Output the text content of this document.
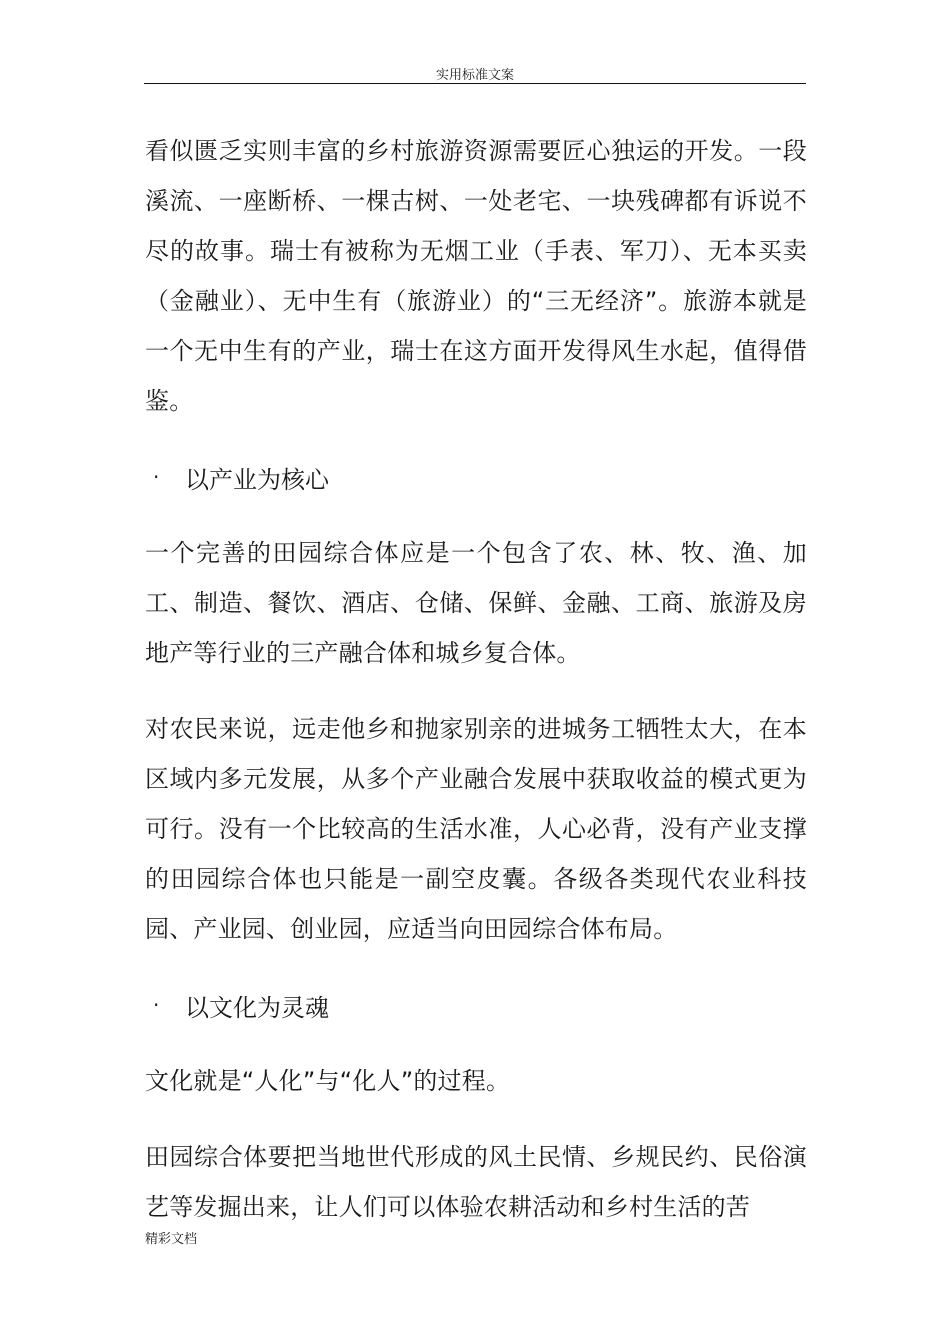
实用标准文案

看似匮乏实则丰富的乡村旅游资源需要匠心独运的开发。一段溪流、一座断桥、一棵古树、一处老宅、一块残碑都有诉说不尽的故事。瑞士有被称为无烟工业（手表、军刀）、无本买卖（金融业）、无中生有（旅游业）的“三无经济”。旅游本就是一个无中生有的产业，瑞士在这方面开发得风生水起，值得借鉴。

·	以产业为核心

一个完善的田园综合体应是一个包含了农、林、牧、渔、加工、制造、餐饮、酒店、仓储、保鲜、金融、工商、旅游及房地产等行业的三产融合体和城乡复合体。

对农民来说，远走他乡和抛家别亲的进城务工牺牲太大，在本区域内多元发展，从多个产业融合发展中获取收益的模式更为可行。没有一个比较高的生活水准，人心必背，没有产业支撑的田园综合体也只能是一副空皮囊。各级各类现代农业科技园、产业园、创业园，应适当向田园综合体布局。

·	以文化为灵魂

文化就是“人化”与“化人”的过程。

田园综合体要把当地世代形成的风土民情、乡规民约、民俗演艺等发掘出来，让人们可以体验农耕活动和乡村生活的苦

精彩文档
